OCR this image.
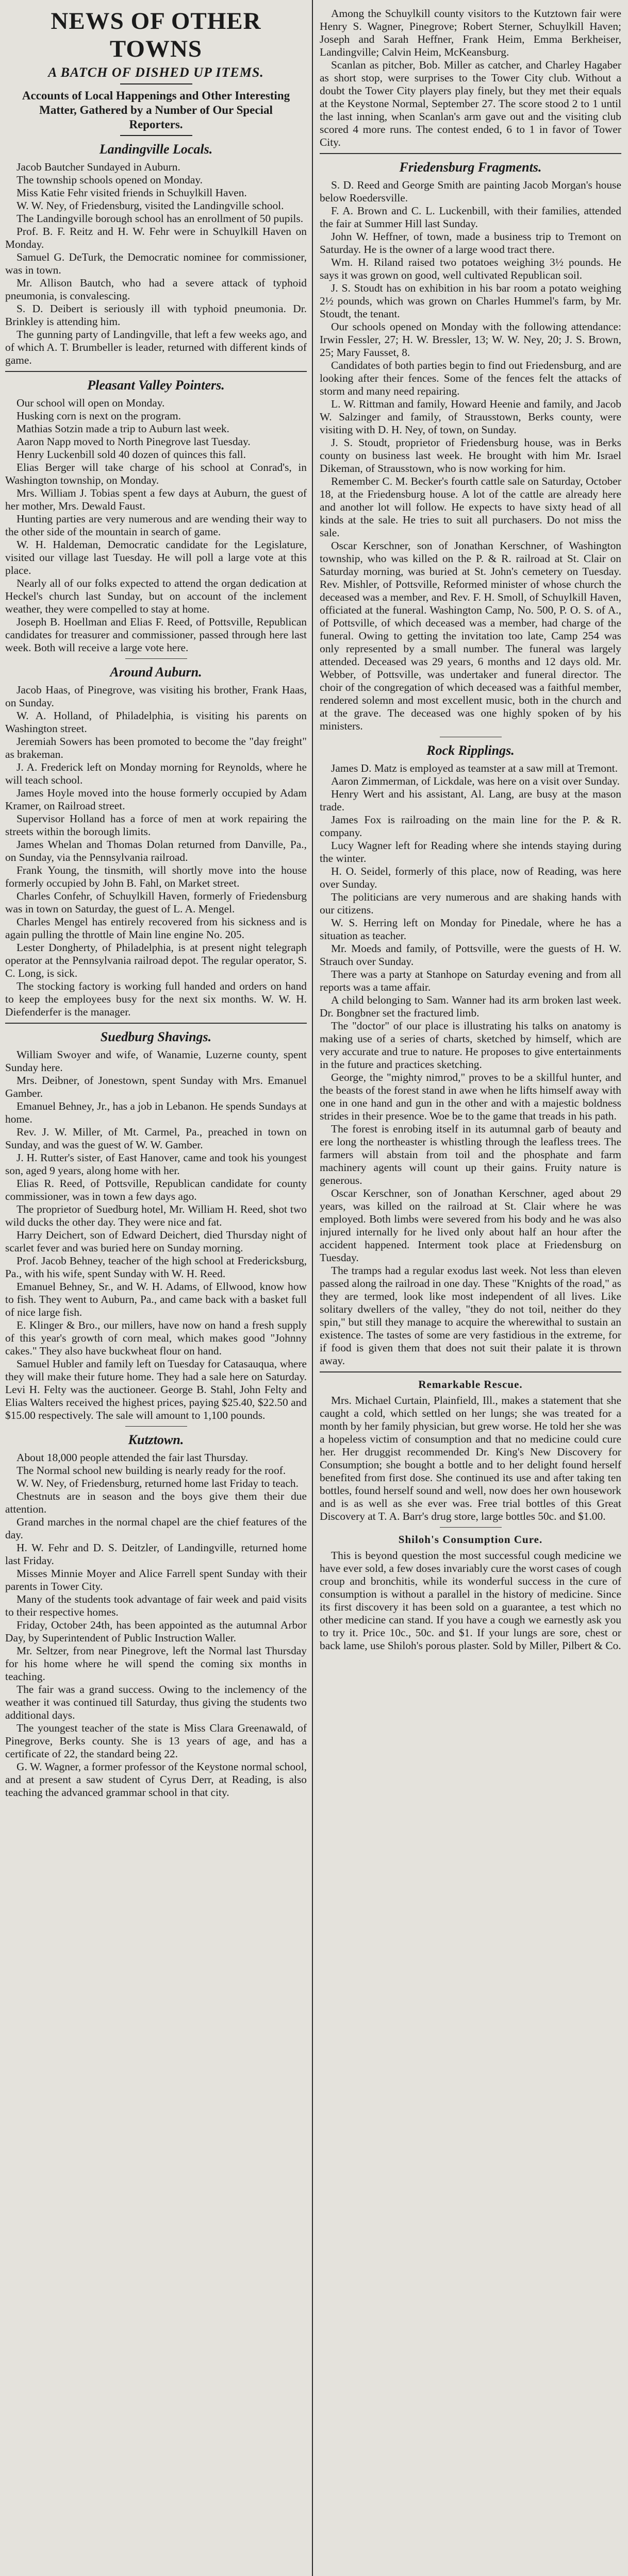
NEWS OF OTHER TOWNS
A BATCH OF DISHED UP ITEMS.
Accounts of Local Happenings and Other Interesting Matter, Gathered by a Number of Our Special Reporters.
Landingville Locals.

Jacob Bautcher Sundayed in Auburn.

The township schools opened on Monday.

Miss Katie Fehr visited friends in Schuylkill Haven.

W. W. Ney, of Friedensburg, visited the Landingville school.

The Landingville borough school has an enrollment of 50 pupils.

Prof. B. F. Reitz and H. W. Fehr were in Schuylkill Haven on Monday.

Samuel G. DeTurk, the Democratic nominee for commissioner, was in town.

Mr. Allison Bautch, who had a severe attack of typhoid pneumonia, is convalescing.

S. D. Deibert is seriously ill with typhoid pneumonia. Dr. Brinkley is attending him.

The gunning party of Landingville, that left a few weeks ago, and of which A. T. Brumbeller is leader, returned with different kinds of game.

Pleasant Valley Pointers.

Our school will open on Monday.

Husking corn is next on the program.

Mathias Sotzin made a trip to Auburn last week.

Aaron Napp moved to North Pinegrove last Tuesday.

Henry Luckenbill sold 40 dozen of quinces this fall.

Elias Berger will take charge of his school at Conrad's, in Washington township, on Monday.

Mrs. William J. Tobias spent a few days at Auburn, the guest of her mother, Mrs. Dewald Faust.

Hunting parties are very numerous and are wending their way to the other side of the mountain in search of game.

W. H. Haldeman, Democratic candidate for the Legislature, visited our village last Tuesday. He will poll a large vote at this place.

Nearly all of our folks expected to attend the organ dedication at Heckel's church last Sunday, but on account of the inclement weather, they were compelled to stay at home.

Joseph B. Hoellman and Elias F. Reed, of Pottsville, Republican candidates for treasurer and commissioner, passed through here last week. Both will receive a large vote here.

Around Auburn.

Jacob Haas, of Pinegrove, was visiting his brother, Frank Haas, on Sunday.

W. A. Holland, of Philadelphia, is visiting his parents on Washington street.

Jeremiah Sowers has been promoted to become the "day freight" as brakeman.

J. A. Frederick left on Monday morning for Reynolds, where he will teach school.

James Hoyle moved into the house formerly occupied by Adam Kramer, on Railroad street.

Supervisor Holland has a force of men at work repairing the streets within the borough limits.

James Whelan and Thomas Dolan returned from Danville, Pa., on Sunday, via the Pennsylvania railroad.

Frank Young, the tinsmith, will shortly move into the house formerly occupied by John B. Fahl, on Market street.

Charles Confehr, of Schuylkill Haven, formerly of Friedensburg was in town on Saturday, the guest of L. A. Mengel.

Charles Mengel has entirely recovered from his sickness and is again pulling the throttle of Main line engine No. 205.

Lester Dongherty, of Philadelphia, is at present night telegraph operator at the Pennsylvania railroad depot. The regular operator, S. C. Long, is sick.

The stocking factory is working full handed and orders on hand to keep the employees busy for the next six months. W. W. H. Diefenderfer is the manager.

Suedburg Shavings.

William Swoyer and wife, of Wanamie, Luzerne county, spent Sunday here.

Mrs. Deibner, of Jonestown, spent Sunday with Mrs. Emanuel Gamber.

Emanuel Behney, Jr., has a job in Lebanon. He spends Sundays at home.

Rev. J. W. Miller, of Mt. Carmel, Pa., preached in town on Sunday, and was the guest of W. W. Gamber.

J. H. Rutter's sister, of East Hanover, came and took his youngest son, aged 9 years, along home with her.

Elias R. Reed, of Pottsville, Republican candidate for county commissioner, was in town a few days ago.

The proprietor of Suedburg hotel, Mr. William H. Reed, shot two wild ducks the other day. They were nice and fat.

Harry Deichert, son of Edward Deichert, died Thursday night of scarlet fever and was buried here on Sunday morning.

Prof. Jacob Behney, teacher of the high school at Fredericksburg, Pa., with his wife, spent Sunday with W. H. Reed.

Emanuel Behney, Sr., and W. H. Adams, of Ellwood, know how to fish. They went to Auburn, Pa., and came back with a basket full of nice large fish.

E. Klinger & Bro., our millers, have now on hand a fresh supply of this year's growth of corn meal, which makes good "Johnny cakes." They also have buckwheat flour on hand.

Samuel Hubler and family left on Tuesday for Catasauqua, where they will make their future home. They had a sale here on Saturday. Levi H. Felty was the auctioneer. George B. Stahl, John Felty and Elias Walters received the highest prices, paying $25.40, $22.50 and $15.00 respectively. The sale will amount to 1,100 pounds.

Kutztown.

About 18,000 people attended the fair last Thursday.

The Normal school new building is nearly ready for the roof.

W. W. Ney, of Friedensburg, returned home last Friday to teach.

Chestnuts are in season and the boys give them their due attention.

Grand marches in the normal chapel are the chief features of the day.

H. W. Fehr and D. S. Deitzler, of Landingville, returned home last Friday.

Misses Minnie Moyer and Alice Farrell spent Sunday with their parents in Tower City.

Many of the students took advantage of fair week and paid visits to their respective homes.

Friday, October 24th, has been appointed as the autumnal Arbor Day, by Superintendent of Public Instruction Waller.

Mr. Seltzer, from near Pinegrove, left the Normal last Thursday for his home where he will spend the coming six months in teaching.

The fair was a grand success. Owing to the inclemency of the weather it was continued till Saturday, thus giving the students two additional days.

The youngest teacher of the state is Miss Clara Greenawald, of Pinegrove, Berks county. She is 13 years of age, and has a certificate of 22, the standard being 22.

G. W. Wagner, a former professor of the Keystone normal school, and at present a saw student of Cyrus Derr, at Reading, is also teaching the advanced grammar school in that city.

Among the Schuylkill county visitors to the Kutztown fair were Henry S. Wagner, Pinegrove; Robert Sterner, Schuylkill Haven; Joseph and Sarah Heffner, Frank Heim, Emma Berkheiser, Landingville; Calvin Heim, McKeansburg.

Scanlan as pitcher, Bob. Miller as catcher, and Charley Hagaber as short stop, were surprises to the Tower City club. Without a doubt the Tower City players play finely, but they met their equals at the Keystone Normal, September 27. The score stood 2 to 1 until the last inning, when Scanlan's arm gave out and the visiting club scored 4 more runs. The contest ended, 6 to 1 in favor of Tower City.

Friedensburg Fragments.

S. D. Reed and George Smith are painting Jacob Morgan's house below Roedersville.

F. A. Brown and C. L. Luckenbill, with their families, attended the fair at Summer Hill last Sunday.

John W. Heffner, of town, made a business trip to Tremont on Saturday. He is the owner of a large wood tract there.

Wm. H. Riland raised two potatoes weighing 3½ pounds. He says it was grown on good, well cultivated Republican soil.

J. S. Stoudt has on exhibition in his bar room a potato weighing 2½ pounds, which was grown on Charles Hummel's farm, by Mr. Stoudt, the tenant.

Our schools opened on Monday with the following attendance: Irwin Fessler, 27; H. W. Bressler, 13; W. W. Ney, 20; J. S. Brown, 25; Mary Fausset, 8.

Candidates of both parties begin to find out Friedensburg, and are looking after their fences. Some of the fences felt the attacks of storm and many need repairing.

L. W. Rittman and family, Howard Heenie and family, and Jacob W. Salzinger and family, of Strausstown, Berks county, were visiting with D. H. Ney, of town, on Sunday.

J. S. Stoudt, proprietor of Friedensburg house, was in Berks county on business last week. He brought with him Mr. Israel Dikeman, of Strausstown, who is now working for him.

Remember C. M. Becker's fourth cattle sale on Saturday, October 18, at the Friedensburg house. A lot of the cattle are already here and another lot will follow. He expects to have sixty head of all kinds at the sale. He tries to suit all purchasers. Do not miss the sale.

Oscar Kerschner, son of Jonathan Kerschner, of Washington township, who was killed on the P. & R. railroad at St. Clair on Saturday morning, was buried at St. John's cemetery on Tuesday. Rev. Mishler, of Pottsville, Reformed minister of whose church the deceased was a member, and Rev. F. H. Smoll, of Schuylkill Haven, officiated at the funeral. Washington Camp, No. 500, P. O. S. of A., of Pottsville, of which deceased was a member, had charge of the funeral. Owing to getting the invitation too late, Camp 254 was only represented by a small number. The funeral was largely attended. Deceased was 29 years, 6 months and 12 days old. Mr. Webber, of Pottsville, was undertaker and funeral director. The choir of the congregation of which deceased was a faithful member, rendered solemn and most excellent music, both in the church and at the grave. The deceased was one highly spoken of by his ministers.

Rock Ripplings.

James D. Matz is employed as teamster at a saw mill at Tremont.

Aaron Zimmerman, of Lickdale, was here on a visit over Sunday.

Henry Wert and his assistant, Al. Lang, are busy at the mason trade.

James Fox is railroading on the main line for the P. & R. company.

Lucy Wagner left for Reading where she intends staying during the winter.

H. O. Seidel, formerly of this place, now of Reading, was here over Sunday.

The politicians are very numerous and are shaking hands with our citizens.

W. S. Herring left on Monday for Pinedale, where he has a situation as teacher.

Mr. Moeds and family, of Pottsville, were the guests of H. W. Strauch over Sunday.

There was a party at Stanhope on Saturday evening and from all reports was a tame affair.

A child belonging to Sam. Wanner had its arm broken last week. Dr. Bongbner set the fractured limb.

The "doctor" of our place is illustrating his talks on anatomy is making use of a series of charts, sketched by himself, which are very accurate and true to nature. He proposes to give entertainments in the future and practices sketching.

George, the "mighty nimrod," proves to be a skillful hunter, and the beasts of the forest stand in awe when he lifts himself away with one in one hand and gun in the other and with a majestic boldness strides in their presence. Woe be to the game that treads in his path.

The forest is enrobing itself in its autumnal garb of beauty and ere long the northeaster is whistling through the leafless trees. The farmers will abstain from toil and the phosphate and farm machinery agents will count up their gains. Fruity nature is generous.

Oscar Kerschner, son of Jonathan Kerschner, aged about 29 years, was killed on the railroad at St. Clair where he was employed. Both limbs were severed from his body and he was also injured internally for he lived only about half an hour after the accident happened. Interment took place at Friedensburg on Tuesday.

The tramps had a regular exodus last week. Not less than eleven passed along the railroad in one day. These "Knights of the road," as they are termed, look like most independent of all lives. Like solitary dwellers of the valley, "they do not toil, neither do they spin," but still they manage to acquire the wherewithal to sustain an existence. The tastes of some are very fastidious in the extreme, for if food is given them that does not suit their palate it is thrown away.

Remarkable Rescue.

Mrs. Michael Curtain, Plainfield, Ill., makes a statement that she caught a cold, which settled on her lungs; she was treated for a month by her family physician, but grew worse. He told her she was a hopeless victim of consumption and that no medicine could cure her. Her druggist recommended Dr. King's New Discovery for Consumption; she bought a bottle and to her delight found herself benefited from first dose. She continued its use and after taking ten bottles, found herself sound and well, now does her own housework and is as well as she ever was. Free trial bottles of this Great Discovery at T. A. Barr's drug store, large bottles 50c. and $1.00.

Shiloh's Consumption Cure.

This is beyond question the most successful cough medicine we have ever sold, a few doses invariably cure the worst cases of cough croup and bronchitis, while its wonderful success in the cure of consumption is without a parallel in the history of medicine. Since its first discovery it has been sold on a guarantee, a test which no other medicine can stand. If you have a cough we earnestly ask you to try it. Price 10c., 50c. and $1. If your lungs are sore, chest or back lame, use Shiloh's porous plaster. Sold by Miller, Pilbert & Co.
